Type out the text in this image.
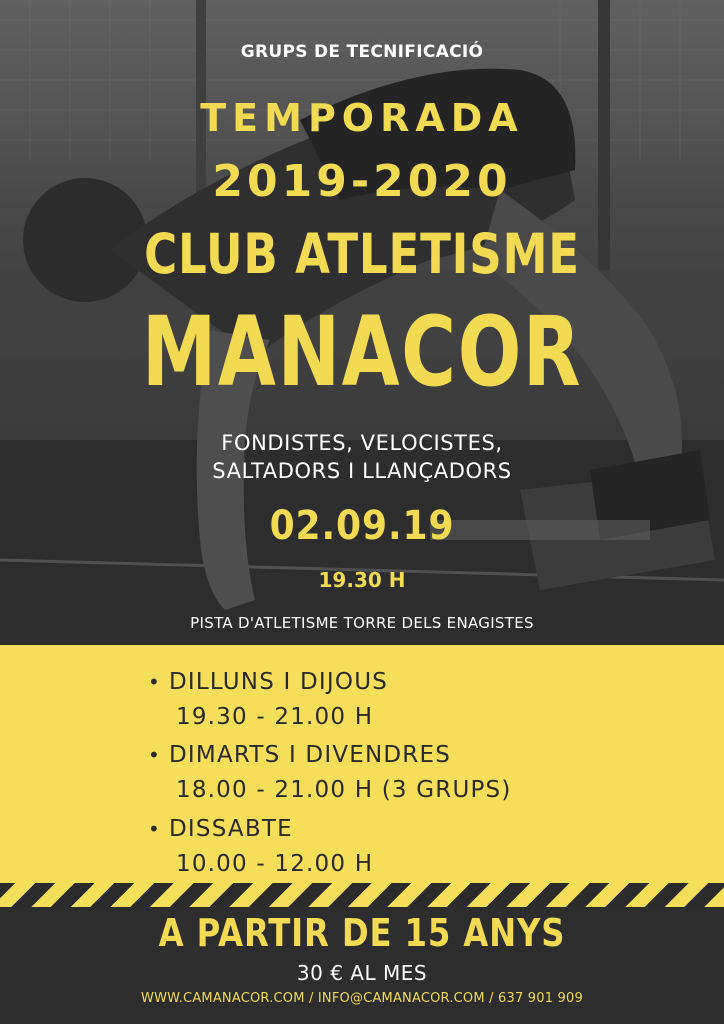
GRUPS DE TECNIFICACIÓ

TEMPORADA

2019-2020

CLUB ATLETISME

MANACOR

FONDISTES, VELOCISTES,

SALTADORS I LLANÇADORS

02.09.19

19.30 H

PISTA D'ATLETISME TORRE DELS ENAGISTES

• DILLUNS I DIJOUS
19.30 - 21.00 H
• DIMARTS I DIVENDRES
18.00 - 21.00 H (3 GRUPS)
• DISSABTE
10.00 - 12.00 H

A PARTIR DE 15 ANYS

30 € AL MES

WWW.CAMANACOR.COM / INFO@CAMANACOR.COM / 637 901 909
